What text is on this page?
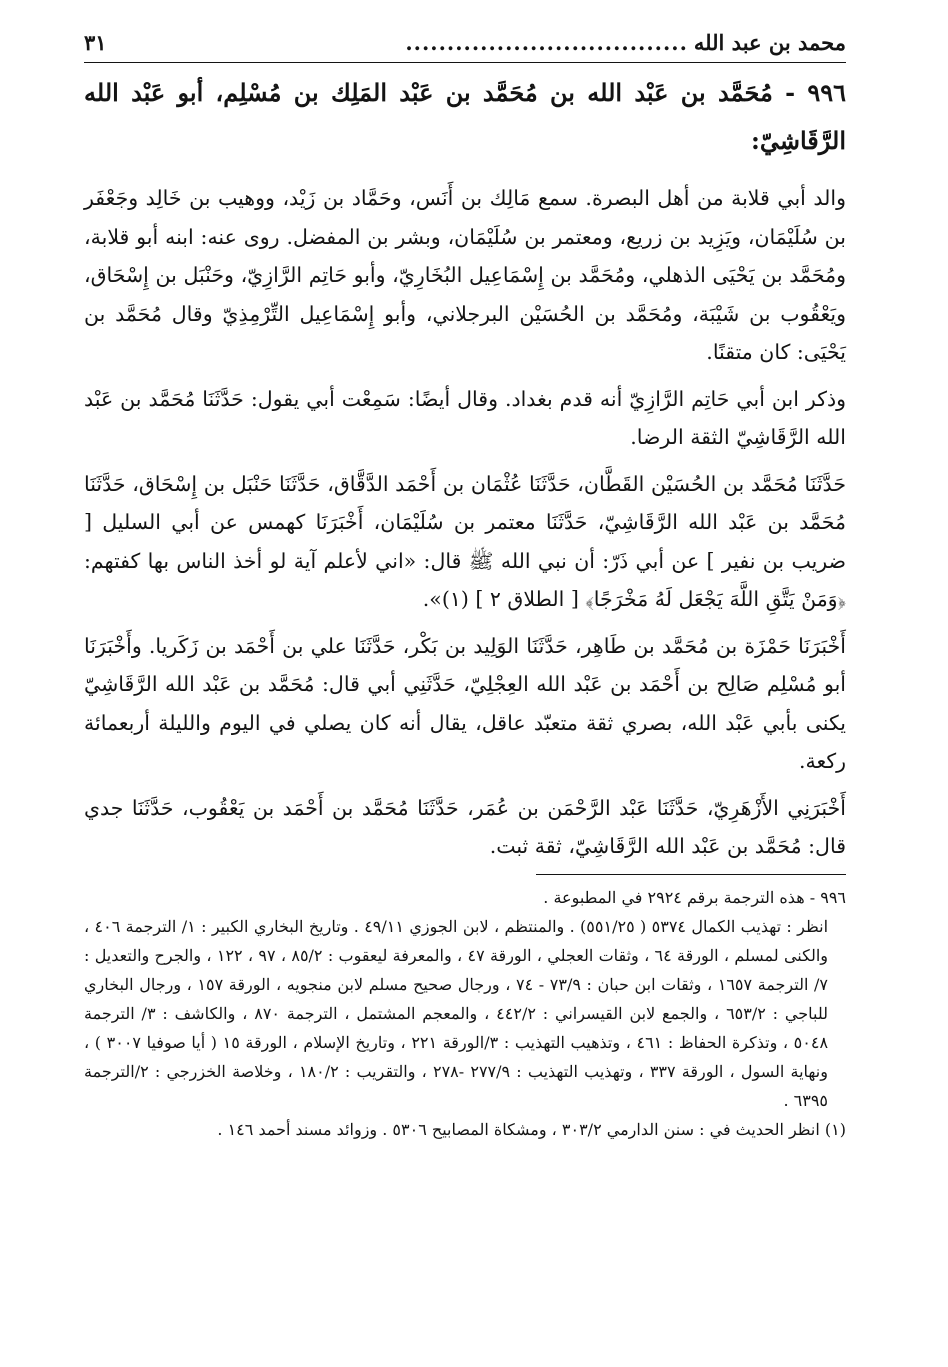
محمد بن عبد الله
..................................
٣١
٩٩٦ - مُحَمَّد بن عَبْد الله بن مُحَمَّد بن عَبْد المَلِك بن مُسْلِم، أبو عَبْد الله الرَّقَاشِيّ:

والد أبي قلابة من أهل البصرة. سمع مَالِك بن أَنَس، وحَمَّاد بن زَيْد، ووهيب بن خَالِد وجَعْفَر بن سُلَيْمَان، ويَزِيد بن زريع، ومعتمر بن سُلَيْمَان، وبشر بن المفضل. روى عنه: ابنه أبو قلابة، ومُحَمَّد بن يَحْيَى الذهلي، ومُحَمَّد بن إِسْمَاعِيل البُخَارِيّ، وأبو حَاتِم الرَّازِيّ، وحَنْبَل بن إِسْحَاق، ويَعْقُوب بن شَيْبَة، ومُحَمَّد بن الحُسَيْن البرجلاني، وأبو إِسْمَاعِيل التِّرْمِذِيّ وقال مُحَمَّد بن يَحْيَى: كان متقنًا.

وذكر ابن أبي حَاتِم الرَّازِيّ أنه قدم بغداد. وقال أيضًا: سَمِعْت أبي يقول: حَدَّثَنَا مُحَمَّد بن عَبْد الله الرَّقَاشِيّ الثقة الرضا.

حَدَّثَنَا مُحَمَّد بن الحُسَيْن القَطَّان، حَدَّثَنَا عُثْمَان بن أَحْمَد الدَّقَّاق، حَدَّثَنَا حَنْبَل بن إِسْحَاق، حَدَّثَنَا مُحَمَّد بن عَبْد الله الرَّقَاشِيّ، حَدَّثَنَا معتمر بن سُلَيْمَان، أَخْبَرَنَا كهمس عن أبي السليل [ ضريب بن نفير ] عن أبي ذَرّ: أن نبي الله ﷺ قال: «اني لأعلم آية لو أخذ الناس بها كفتهم: ﴿وَمَنْ يَتَّقِ اللَّهَ يَجْعَل لَهُ مَخْرَجًا﴾ [ الطلاق ٢ ] (١)».

أَخْبَرَنَا حَمْزَة بن مُحَمَّد بن طَاهِر، حَدَّثَنَا الوَلِيد بن بَكْر، حَدَّثَنَا علي بن أَحْمَد بن زَكَريا. وأَخْبَرَنَا أبو مُسْلِم صَالِح بن أَحْمَد بن عَبْد الله العِجْلِيّ، حَدَّثَنِي أبي قال: مُحَمَّد بن عَبْد الله الرَّقَاشِيّ يكنى بأبي عَبْد الله، بصري ثقة متعبّد عاقل، يقال أنه كان يصلي في اليوم والليلة أربعمائة ركعة.

أَخْبَرَنِي الأَزْهَرِيّ، حَدَّثَنَا عَبْد الرَّحْمَن بن عُمَر، حَدَّثَنَا مُحَمَّد بن أَحْمَد بن يَعْقُوب، حَدَّثَنَا جدي قال: مُحَمَّد بن عَبْد الله الرَّقَاشِيّ، ثقة ثبت.

٩٩٦ - هذه الترجمة برقم ٢٩٢٤ في المطبوعة .

انظر : تهذيب الكمال ٥٣٧٤ ( ٥٥١/٢٥) . والمنتظم ، لابن الجوزي ٤٩/١١ . وتاريخ البخاري الكبير : ١/ الترجمة ٤٠٦ ، والكنى لمسلم ، الورقة ٦٤ ، وثقات العجلي ، الورقة ٤٧ ، والمعرفة ليعقوب : ٨٥/٢ ، ٩٧ ، ١٢٢ ، والجرح والتعديل : ٧/ الترجمة ١٦٥٧ ، وثقات ابن حبان : ٧٣/٩ - ٧٤ ، ورجال صحيح مسلم لابن منجويه ، الورقة ١٥٧ ، ورجال البخاري للباجي : ٦٥٣/٢ ، والجمع لابن القيسراني : ٤٤٢/٢ ، والمعجم المشتمل ، الترجمة ٨٧٠ ، والكاشف : ٣/ الترجمة ٥٠٤٨ ، وتذكرة الحفاظ : ٤٦١ ، وتذهيب التهذيب : ٣/الورقة ٢٢١ ، وتاريخ الإسلام ، الورقة ١٥ ( أيا صوفيا ٣٠٠٧ ) ، ونهاية السول ، الورقة ٣٣٧ ، وتهذيب التهذيب : ٢٧٧/٩ -٢٧٨ ، والتقريب : ١٨٠/٢ ، وخلاصة الخزرجي : ٢/الترجمة ٦٣٩٥ .

(١) انظر الحديث في : سنن الدارمي ٣٠٣/٢ ، ومشكاة المصابيح ٥٣٠٦ . وزوائد مسند أحمد ١٤٦ .
